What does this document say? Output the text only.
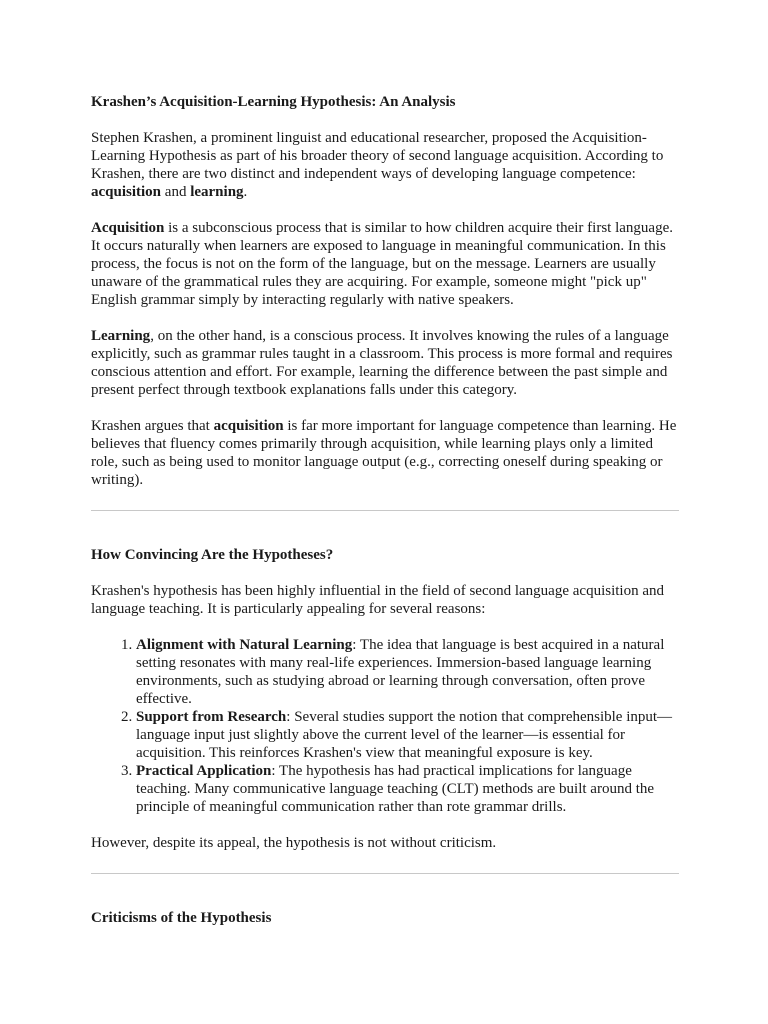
Krashen’s Acquisition-Learning Hypothesis: An Analysis

Stephen Krashen, a prominent linguist and educational researcher, proposed the Acquisition-Learning Hypothesis as part of his broader theory of second language acquisition. According to Krashen, there are two distinct and independent ways of developing language competence: acquisition and learning.

Acquisition is a subconscious process that is similar to how children acquire their first language. It occurs naturally when learners are exposed to language in meaningful communication. In this process, the focus is not on the form of the language, but on the message. Learners are usually unaware of the grammatical rules they are acquiring. For example, someone might "pick up" English grammar simply by interacting regularly with native speakers.

Learning, on the other hand, is a conscious process. It involves knowing the rules of a language explicitly, such as grammar rules taught in a classroom. This process is more formal and requires conscious attention and effort. For example, learning the difference between the past simple and present perfect through textbook explanations falls under this category.

Krashen argues that acquisition is far more important for language competence than learning. He believes that fluency comes primarily through acquisition, while learning plays only a limited role, such as being used to monitor language output (e.g., correcting oneself during speaking or writing).

How Convincing Are the Hypotheses?

Krashen's hypothesis has been highly influential in the field of second language acquisition and language teaching. It is particularly appealing for several reasons:

1. Alignment with Natural Learning: The idea that language is best acquired in a natural setting resonates with many real-life experiences. Immersion-based language learning environments, such as studying abroad or learning through conversation, often prove effective.
2. Support from Research: Several studies support the notion that comprehensible input—language input just slightly above the current level of the learner—is essential for acquisition. This reinforces Krashen's view that meaningful exposure is key.
3. Practical Application: The hypothesis has had practical implications for language teaching. Many communicative language teaching (CLT) methods are built around the principle of meaningful communication rather than rote grammar drills.

However, despite its appeal, the hypothesis is not without criticism.

Criticisms of the Hypothesis
